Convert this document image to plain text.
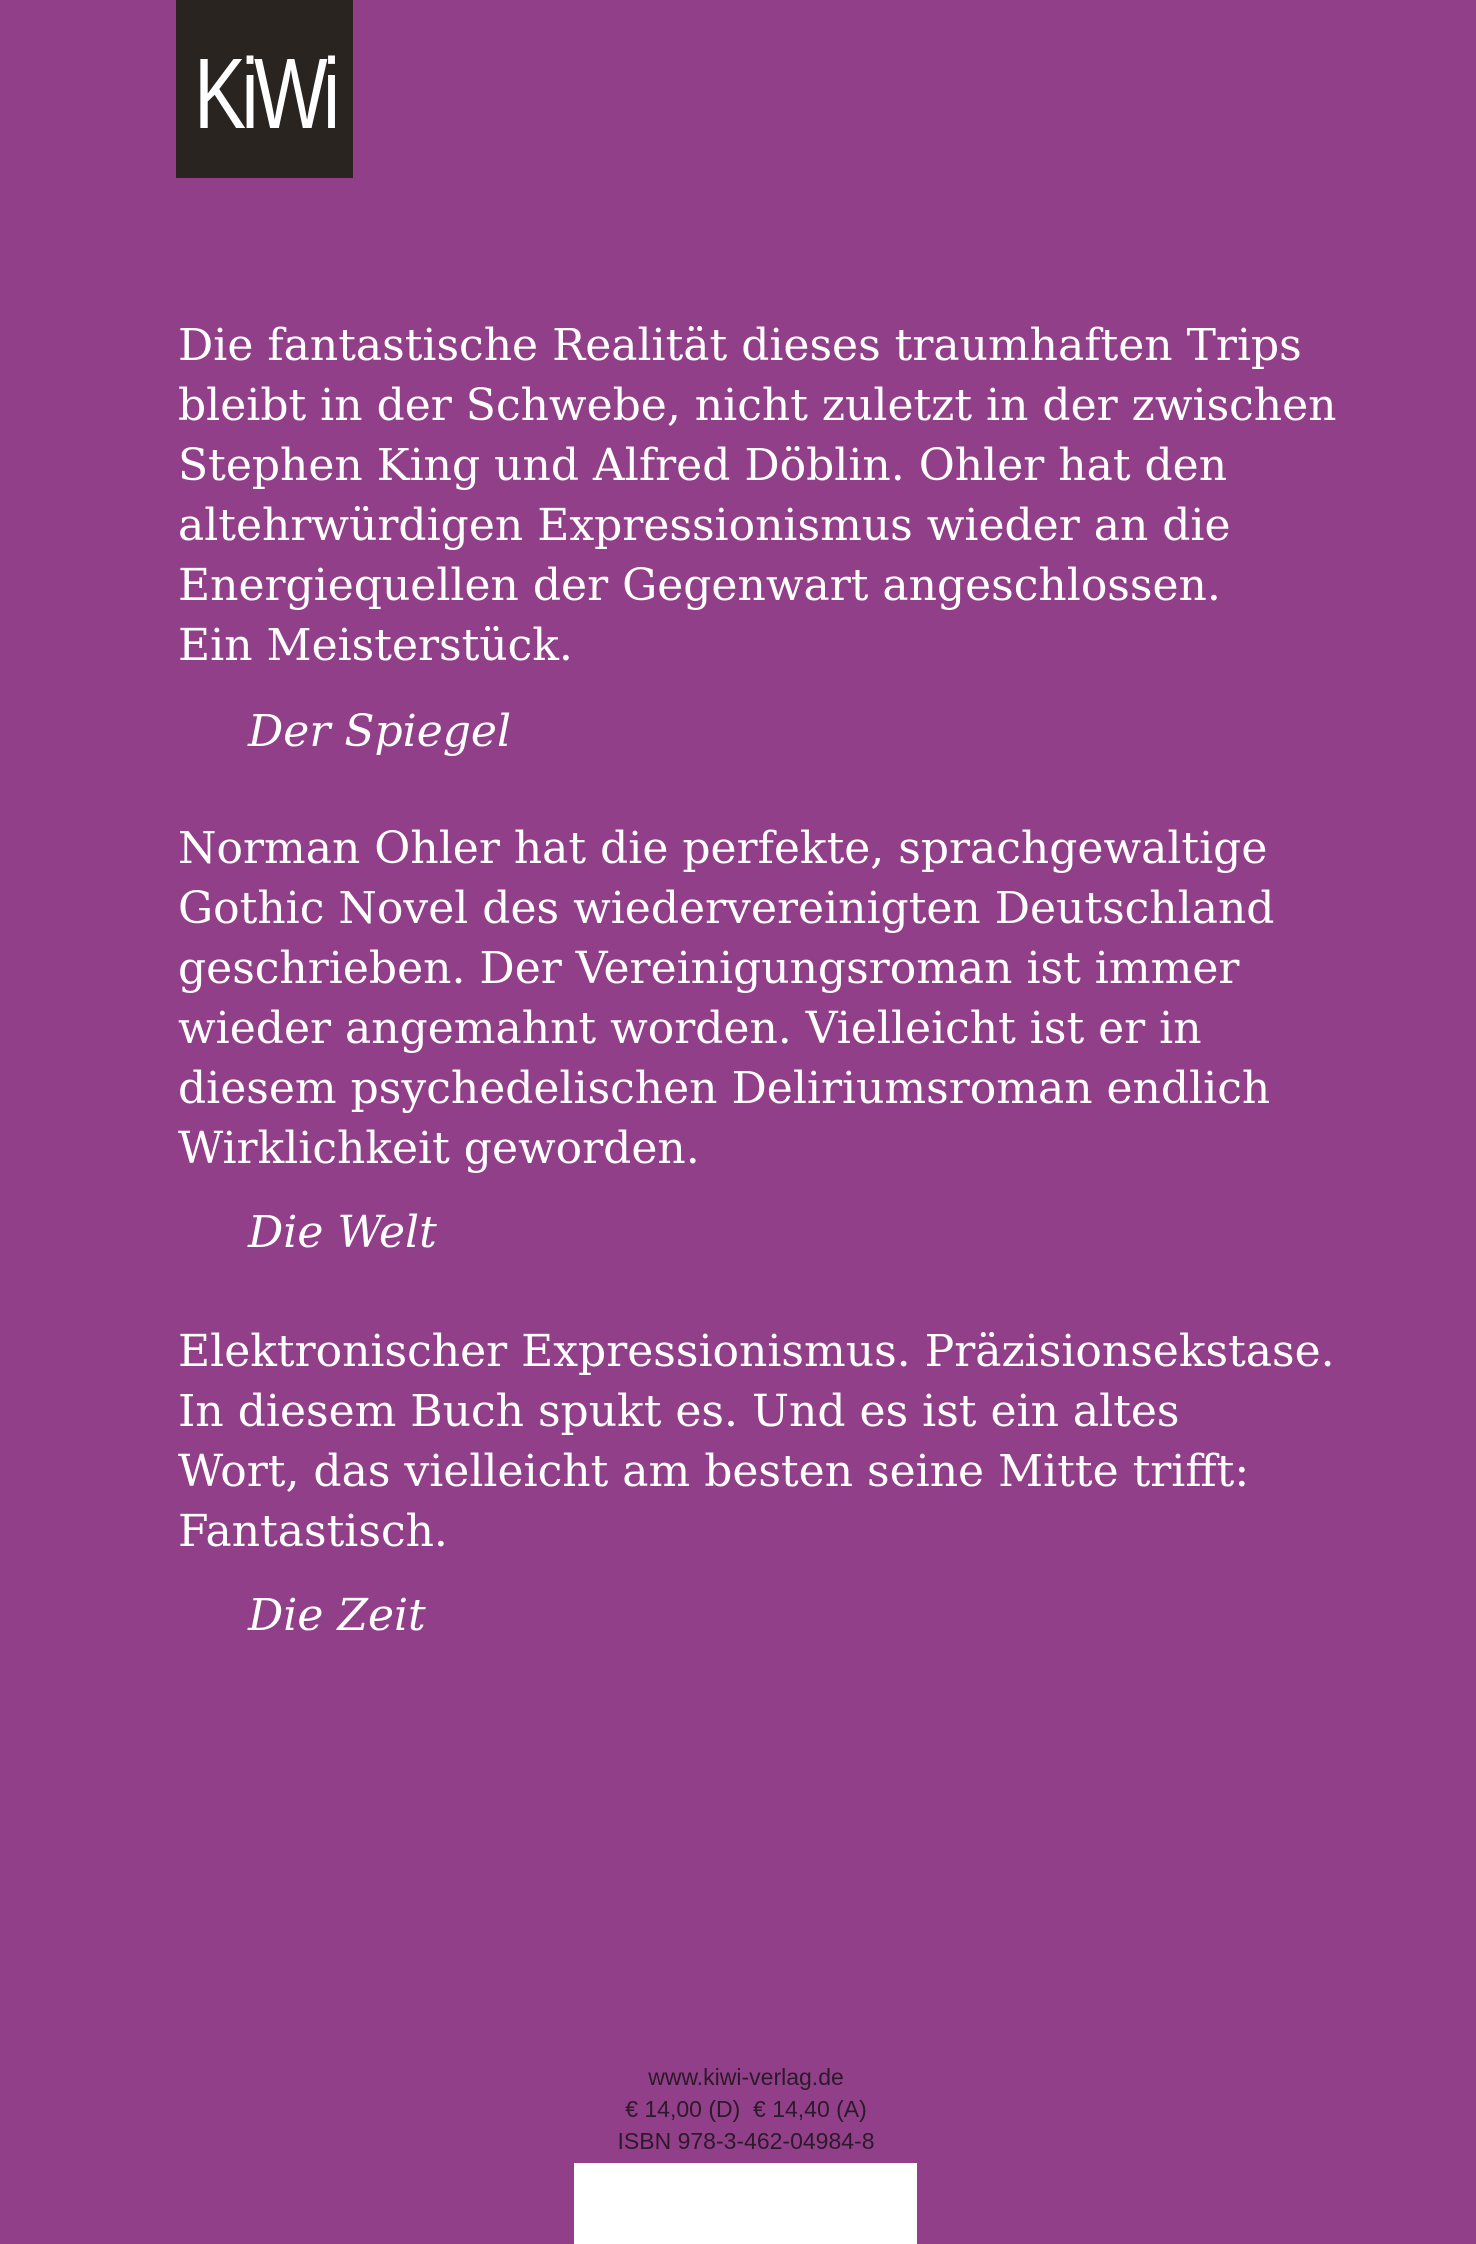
KiWi

Die fantastische Realität dieses traumhaften Trips

bleibt in der Schwebe, nicht zuletzt in der zwischen

Stephen King und Alfred Döblin. Ohler hat den

altehrwürdigen Expressionismus wieder an die

Energiequellen der Gegenwart angeschlossen.

Ein Meisterstück.

Der Spiegel

Norman Ohler hat die perfekte, sprachgewaltige

Gothic Novel des wiedervereinigten Deutschland

geschrieben. Der Vereinigungsroman ist immer

wieder angemahnt worden. Vielleicht ist er in

diesem psychedelischen Deliriumsroman endlich

Wirklichkeit geworden.

Die Welt

Elektronischer Expressionismus. Präzisionsekstase.

In diesem Buch spukt es. Und es ist ein altes

Wort, das vielleicht am besten seine Mitte trifft:

Fantastisch.

Die Zeit
www.kiwi-verlag.de
€ 14,00 (D)  € 14,40 (A)
ISBN 978-3-462-04984-8
